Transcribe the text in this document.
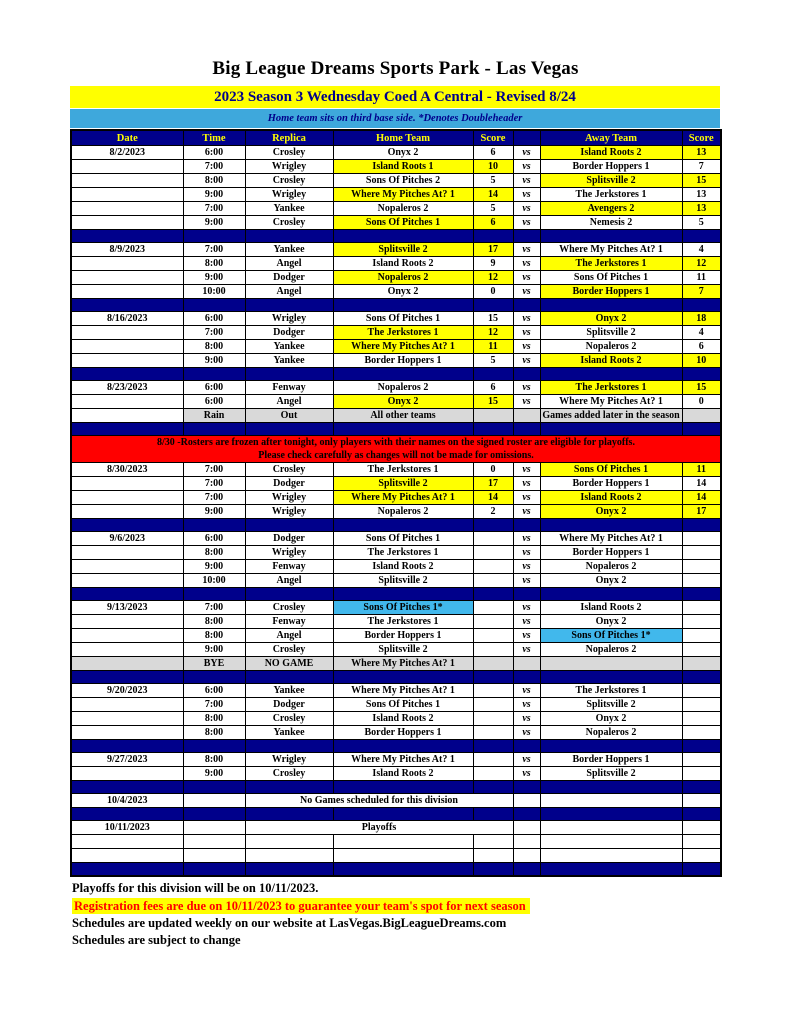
Big League Dreams Sports Park - Las Vegas
2023 Season 3 Wednesday Coed A Central - Revised 8/24
Home team sits on third base side. *Denotes Doubleheader
Date	Time	Replica	Home Team	Score		Away Team	Score
8/2/2023	6:00	Crosley	Onyx 2	6	vs	Island Roots 2	13
	7:00	Wrigley	Island Roots 1	10	vs	Border Hoppers 1	7
	8:00	Crosley	Sons Of Pitches 2	5	vs	Splitsville 2	15
	9:00	Wrigley	Where My Pitches At? 1	14	vs	The Jerkstores 1	13
	7:00	Yankee	Nopaleros 2	5	vs	Avengers 2	13
	9:00	Crosley	Sons Of Pitches 1	6	vs	Nemesis 2	5

8/9/2023	7:00	Yankee	Splitsville 2	17	vs	Where My Pitches At? 1	4
	8:00	Angel	Island Roots 2	9	vs	The Jerkstores 1	12
	9:00	Dodger	Nopaleros 2	12	vs	Sons Of Pitches 1	11
	10:00	Angel	Onyx 2	0	vs	Border Hoppers 1	7

8/16/2023	6:00	Wrigley	Sons Of Pitches 1	15	vs	Onyx 2	18
	7:00	Dodger	The Jerkstores 1	12	vs	Splitsville 2	4
	8:00	Yankee	Where My Pitches At? 1	11	vs	Nopaleros 2	6
	9:00	Yankee	Border Hoppers 1	5	vs	Island Roots 2	10

8/23/2023	6:00	Fenway	Nopaleros 2	6	vs	The Jerkstores 1	15
	6:00	Angel	Onyx 2	15	vs	Where My Pitches At? 1	0
	Rain	Out	All other teams			Games added later in the season	

8/30 -Rosters are frozen after tonight, only players with their names on the signed roster are eligible for playoffs.
Please check carefully as changes will not be made for omissions.							

8/30/2023	7:00	Crosley	The Jerkstores 1	0	vs	Sons Of Pitches 1	11
	7:00	Dodger	Splitsville 2	17	vs	Border Hoppers 1	14
	7:00	Wrigley	Where My Pitches At? 1	14	vs	Island Roots 2	14
	9:00	Wrigley	Nopaleros 2	2	vs	Onyx 2	17

9/6/2023	6:00	Dodger	Sons Of Pitches 1		vs	Where My Pitches At? 1	
	8:00	Wrigley	The Jerkstores 1		vs	Border Hoppers 1	
	9:00	Fenway	Island Roots 2		vs	Nopaleros 2	
	10:00	Angel	Splitsville 2		vs	Onyx 2	

9/13/2023	7:00	Crosley	Sons Of Pitches 1*		vs	Island Roots 2	
	8:00	Fenway	The Jerkstores 1		vs	Onyx 2	
	8:00	Angel	Border Hoppers 1		vs	Sons Of Pitches 1*	
	9:00	Crosley	Splitsville 2		vs	Nopaleros 2	
	BYE	NO GAME	Where My Pitches At? 1				

9/20/2023	6:00	Yankee	Where My Pitches At? 1		vs	The Jerkstores 1	
	7:00	Dodger	Sons Of Pitches 1		vs	Splitsville 2	
	8:00	Crosley	Island Roots 2		vs	Onyx 2	
	8:00	Yankee	Border Hoppers 1		vs	Nopaleros 2	

9/27/2023	8:00	Wrigley	Where My Pitches At? 1		vs	Border Hoppers 1	
	9:00	Crosley	Island Roots 2		vs	Splitsville 2	

10/4/2023		No Games scheduled for this division					

10/11/2023		Playoffs					

Playoffs for this division will be on 10/11/2023.
Registration fees are due on 10/11/2023 to guarantee your team's spot for next season
Schedules are updated weekly on our website at LasVegas.BigLeagueDreams.com
Schedules are subject to change
